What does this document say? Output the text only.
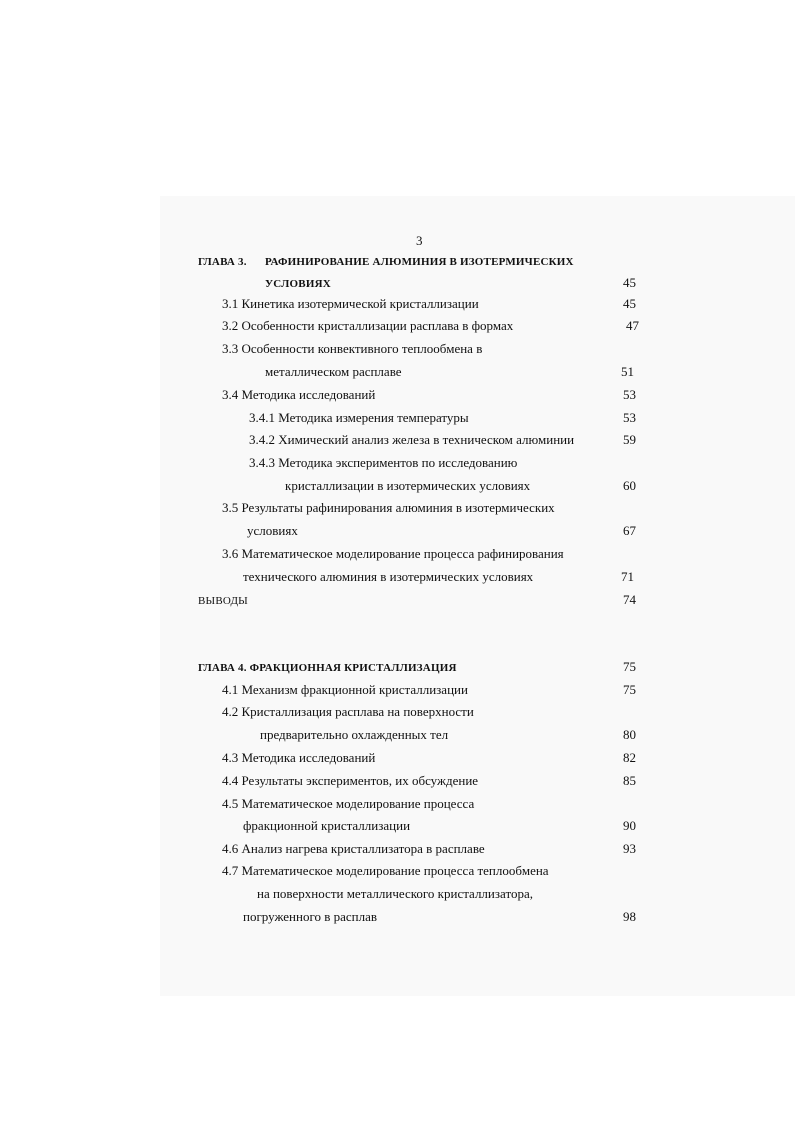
3
ГЛАВА 3. РАФИНИРОВАНИЕ АЛЮМИНИЯ В ИЗОТЕРМИЧЕСКИХ
УСЛОВИЯХ	45
3.1 Кинетика изотермической кристаллизации	45
3.2 Особенности кристаллизации расплава в формах	47
3.3 Особенности конвективного теплообмена в
металлическом расплаве	51
3.4 Методика исследований	53
3.4.1 Методика измерения температуры	53
3.4.2 Химический анализ железа в техническом алюминии	59
3.4.3 Методика экспериментов по исследованию
кристаллизации в изотермических условиях	60
3.5 Результаты рафинирования алюминия в изотермических
условиях	67
3.6 Математическое моделирование процесса рафинирования
технического алюминия в изотермических условиях	71
ВЫВОДЫ	74
ГЛАВА 4. ФРАКЦИОННАЯ КРИСТАЛЛИЗАЦИЯ	75
4.1 Механизм фракционной кристаллизации	75
4.2 Кристаллизация расплава на поверхности
предварительно охлажденных тел	80
4.3 Методика исследований	82
4.4 Результаты экспериментов, их обсуждение	85
4.5 Математическое моделирование процесса
фракционной кристаллизации	90
4.6 Анализ нагрева кристаллизатора в расплаве	93
4.7 Математическое моделирование процесса теплообмена
на поверхности металлического кристаллизатора,
погруженного в расплав	98
